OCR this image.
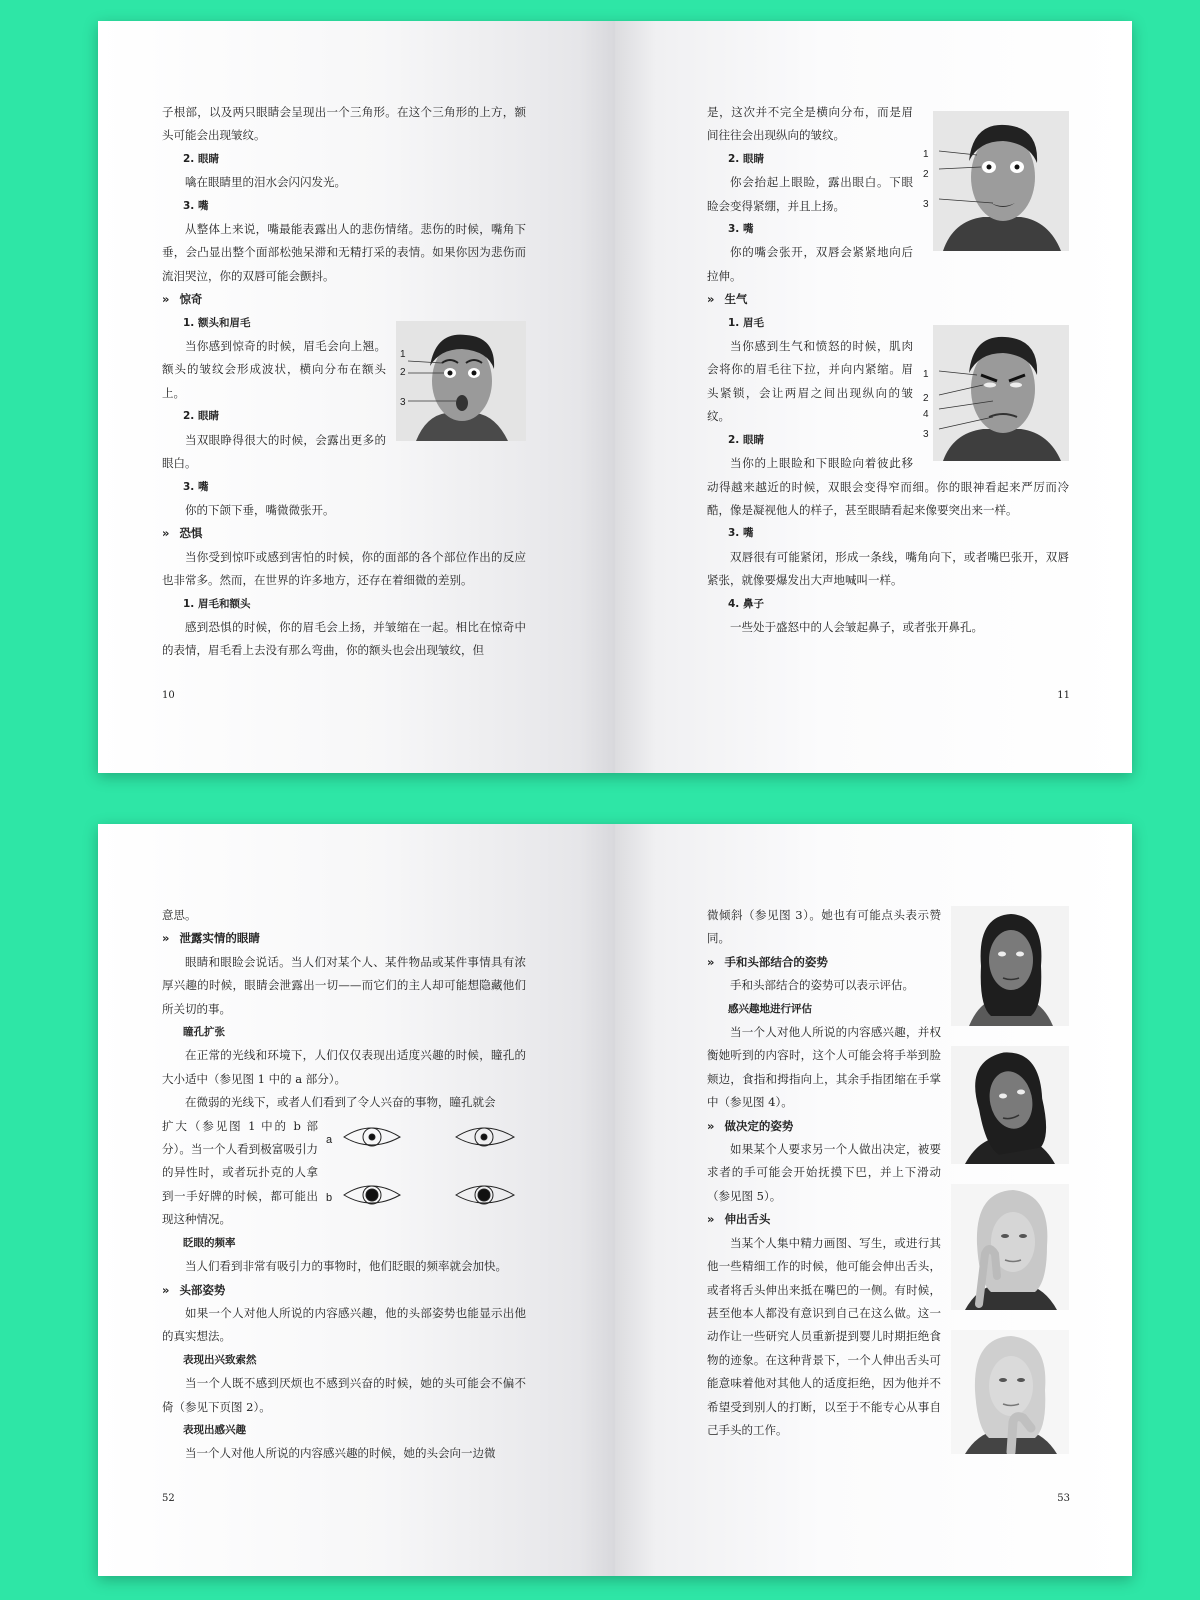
子根部，以及两只眼睛会呈现出一个三角形。在这个三角形的上方，额头可能会出现皱纹。

2. 眼睛

噙在眼睛里的泪水会闪闪发光。

3. 嘴

从整体上来说，嘴最能表露出人的悲伤情绪。悲伤的时候，嘴角下垂，会凸显出整个面部松弛呆滞和无精打采的表情。如果你因为悲伤而流泪哭泣，你的双唇可能会颤抖。

» 惊奇

1. 额头和眉毛

1
2
3

当你感到惊奇的时候，眉毛会向上翘。额头的皱纹会形成波状，横向分布在额头上。

2. 眼睛

当双眼睁得很大的时候，会露出更多的眼白。

3. 嘴

你的下颌下垂，嘴微微张开。

» 恐惧

当你受到惊吓或感到害怕的时候，你的面部的各个部位作出的反应也非常多。然而，在世界的许多地方，还存在着细微的差别。

1. 眉毛和额头

感到恐惧的时候，你的眉毛会上扬，并皱缩在一起。相比在惊奇中的表情，眉毛看上去没有那么弯曲，你的额头也会出现皱纹，但

10
1
2
3

是，这次并不完全是横向分布，而是眉间往往会出现纵向的皱纹。

2. 眼睛

你会抬起上眼睑，露出眼白。下眼睑会变得紧绷，并且上扬。

3. 嘴

你的嘴会张开，双唇会紧紧地向后拉伸。

» 生气

1. 眉毛

1
2
4
3

当你感到生气和愤怒的时候，肌肉会将你的眉毛往下拉，并向内紧缩。眉头紧锁，会让两眉之间出现纵向的皱纹。

2. 眼睛

当你的上眼睑和下眼睑向着彼此移动得越来越近的时候，双眼会变得窄而细。你的眼神看起来严厉而冷酷，像是凝视他人的样子，甚至眼睛看起来像要突出来一样。

3. 嘴

双唇很有可能紧闭，形成一条线，嘴角向下，或者嘴巴张开，双唇紧张，就像要爆发出大声地喊叫一样。

4. 鼻子

一些处于盛怒中的人会皱起鼻子，或者张开鼻孔。

11

意思。

» 泄露实情的眼睛

眼睛和眼睑会说话。当人们对某个人、某件物品或某件事情具有浓厚兴趣的时候，眼睛会泄露出一切——而它们的主人却可能想隐藏他们所关切的事。

瞳孔扩张

在正常的光线和环境下，人们仅仅表现出适度兴趣的时候，瞳孔的大小适中（参见图 1 中的 a 部分）。

在微弱的光线下，或者人们看到了令人兴奋的事物，瞳孔就会

a
b

扩大（参见图 1 中的 b 部分）。当一个人看到极富吸引力的异性时，或者玩扑克的人拿到一手好牌的时候，都可能出现这种情况。

眨眼的频率

当人们看到非常有吸引力的事物时，他们眨眼的频率就会加快。

» 头部姿势

如果一个人对他人所说的内容感兴趣，他的头部姿势也能显示出他的真实想法。

表现出兴致索然

当一个人既不感到厌烦也不感到兴奋的时候，她的头可能会不偏不倚（参见下页图 2）。

表现出感兴趣

当一个人对他人所说的内容感兴趣的时候，她的头会向一边微

52

微倾斜（参见图 3）。她也有可能点头表示赞同。

» 手和头部结合的姿势

手和头部结合的姿势可以表示评估。

感兴趣地进行评估

当一个人对他人所说的内容感兴趣，并权衡她听到的内容时，这个人可能会将手举到脸颊边，食指和拇指向上，其余手指团缩在手掌中（参见图 4）。

» 做决定的姿势

如果某个人要求另一个人做出决定，被要求者的手可能会开始抚摸下巴，并上下滑动（参见图 5）。

» 伸出舌头

当某个人集中精力画图、写生，或进行其他一些精细工作的时候，他可能会伸出舌头，或者将舌头伸出来抵在嘴巴的一侧。有时候，甚至他本人都没有意识到自己在这么做。这一动作让一些研究人员重新提到婴儿时期拒绝食物的迹象。在这种背景下，一个人伸出舌头可能意味着他对其他人的适度拒绝，因为他并不希望受到别人的打断，以至于不能专心从事自己手头的工作。

53
